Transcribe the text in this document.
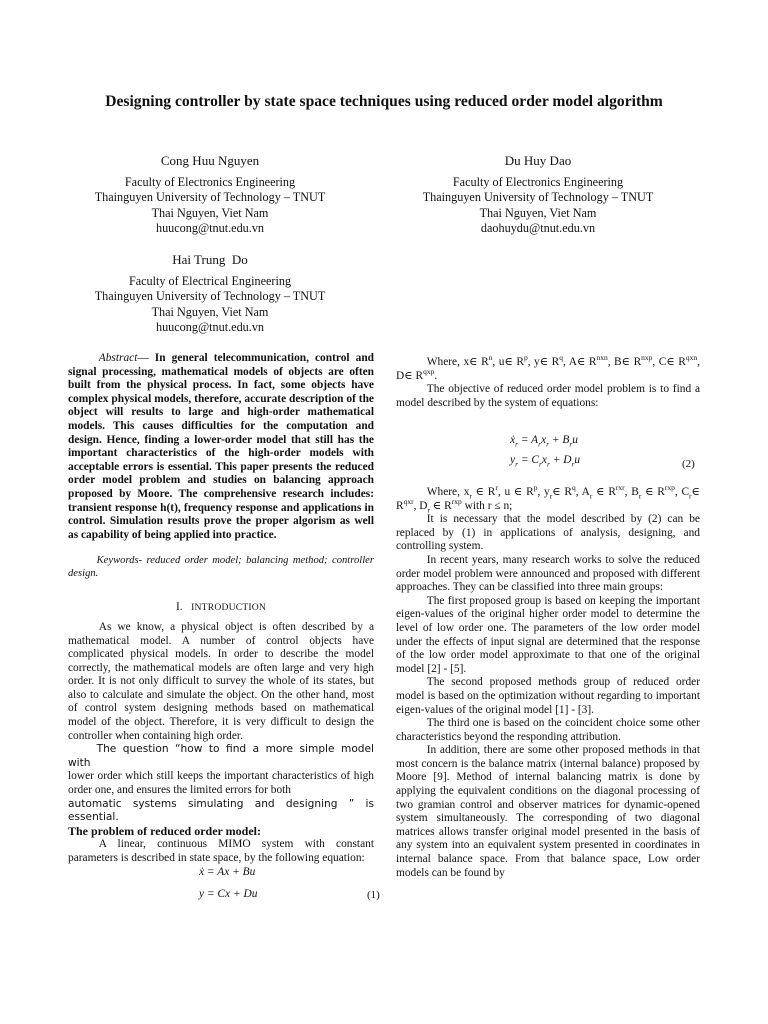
Designing controller by state space techniques using reduced order model algorithm
Cong Huu Nguyen
Faculty of Electronics Engineering
Thainguyen University of Technology – TNUT
Thai Nguyen, Viet Nam
huucong@tnut.edu.vn
Du Huy Dao
Faculty of Electronics Engineering
Thainguyen University of Technology – TNUT
Thai Nguyen, Viet Nam
daohuydu@tnut.edu.vn
Hai Trung  Do
Faculty of Electrical Engineering
Thainguyen University of Technology – TNUT
Thai Nguyen, Viet Nam
huucong@tnut.edu.vn

Abstract— In general telecommunication, control and signal processing, mathematical models of objects are often built from the physical process. In fact, some objects have complex physical models, therefore, accurate description of the object will results to large and high-order mathematical models. This causes difficulties for the computation and design. Hence, finding a lower-order model that still has the important characteristics of the high-order models with acceptable errors is essential. This paper presents the reduced order model problem and studies on balancing approach proposed by Moore. The comprehensive research includes: transient response h(t), frequency response and applications in control. Simulation results prove the proper algorism as well as capability of being applied into practice.

Keywords- reduced order model; balancing method; controller design.

I. INTRODUCTION

As we know, a physical object is often described by a mathematical model. A number of control objects have complicated physical models. In order to describe the model correctly, the mathematical models are often large and very high order. It is not only difficult to survey the whole of its states, but also to calculate and simulate the object. On the other hand, most of control system designing methods based on mathematical model of the object. Therefore, it is very difficult to design the controller when containing high order.

The question “how to find a more simple model with

lower order which still keeps the important characteristics of high order one, and ensures the limited errors for both

automatic systems simulating and designing ” is essential.

The problem of reduced order model:

A linear, continuous MIMO system with constant parameters is described in state space, by the following equation:

ẋ = Ax + Bu
y = Cx + Du	(1)

Where, x∈ $R^n$, u∈ $R^p$, y∈ $R^q$, A∈ $R^{nxn}$, B∈ $R^{nxp}$, C∈ $R^{qxn}$, D∈ $R^{qxp}$.

The objective of reduced order model problem is to find a model described by the system of equations:

ẋ$_r$ = $A_rx_r + B_ru$
$y_r = C_rx_r + D_ru$	(2)

Where, $x_r$ ∈ $R^r$, u ∈ $R^p$, $y_r\in$ $R^q$, $A_r$ ∈ $R^{rxr}$, $B_r$ ∈ $R^{rxp}$, $C_r\in$ $R^{qxr}$, $D_r$ ∈ $R^{rxp}$ with r ≤ n;

It is necessary that the model described by (2) can be replaced by (1) in applications of analysis, designing, and controlling system.

In recent years, many research works to solve the reduced order model problem were announced and proposed with different approaches. They can be classified into three main groups:

The first proposed group is based on keeping the important eigen-values of the original higher order model to determine the level of low order one. The parameters of the low order model under the effects of input signal are determined that the response of the low order model approximate to that one of the original model [2] - [5].

The second proposed methods group of reduced order model is based on the optimization without regarding to important eigen-values of the original model [1] - [3].

The third one is based on the coincident choice some other characteristics beyond the responding attribution.

In addition, there are some other proposed methods in that most concern is the balance matrix (internal balance) proposed by Moore [9]. Method of internal balancing matrix is done by applying the equivalent conditions on the diagonal processing of two gramian control and observer matrices for dynamic-opened system simultaneously. The corresponding of two diagonal matrices allows transfer original model presented in the basis of any system into an equivalent system presented in coordinates in internal balance space. From that balance space, Low order models can be found by
